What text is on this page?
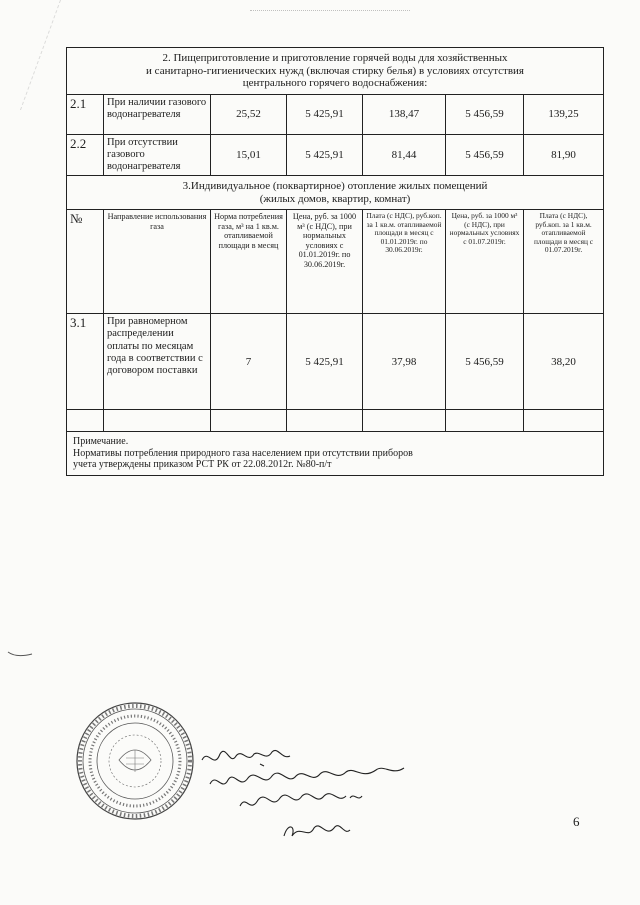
2. Пищеприготовление и приготовление горячей воды для хозяйственных
и санитарно-гигиенических нужд (включая стирку белья) в условиях отсутствия
центрального горячего водоснабжения:						

2.1	При наличии газового водонагревателя	25,52	5 425,91	138,47	5 456,59	139,25
2.2	При отсутствии газового водонагревателя	15,01	5 425,91	81,44	5 456,59	81,90

3.Индивидуальное (поквартирное) отопление жилых помещений
(жилых домов, квартир, комнат)						

№	Направление использования газа	Норма потребления газа, м³ на 1 кв.м. отапливаемой площади в месяц	Цена, руб. за 1000 м³ (с НДС), при нормальных условиях с 01.01.2019г. по 30.06.2019г.	Плата (с НДС), руб.коп. за 1 кв.м. отапливаемой площади в месяц с 01.01.2019г. по 30.06.2019г.	Цена, руб. за 1000 м³ (с НДС), при нормальных условиях с 01.07.2019г.	Плата (с НДС), руб.коп. за 1 кв.м. отапливаемой площади в месяц с 01.07.2019г.
3.1	При равномерном распределении оплаты по месяцам года в соответствии с договором поставки	7	5 425,91	37,98	5 456,59	38,20

Примечание.
Нормативы потребления природного газа населением при отсутствии приборов
учета утверждены приказом РСТ РК от 22.08.2012г. №80-п/т						
6
